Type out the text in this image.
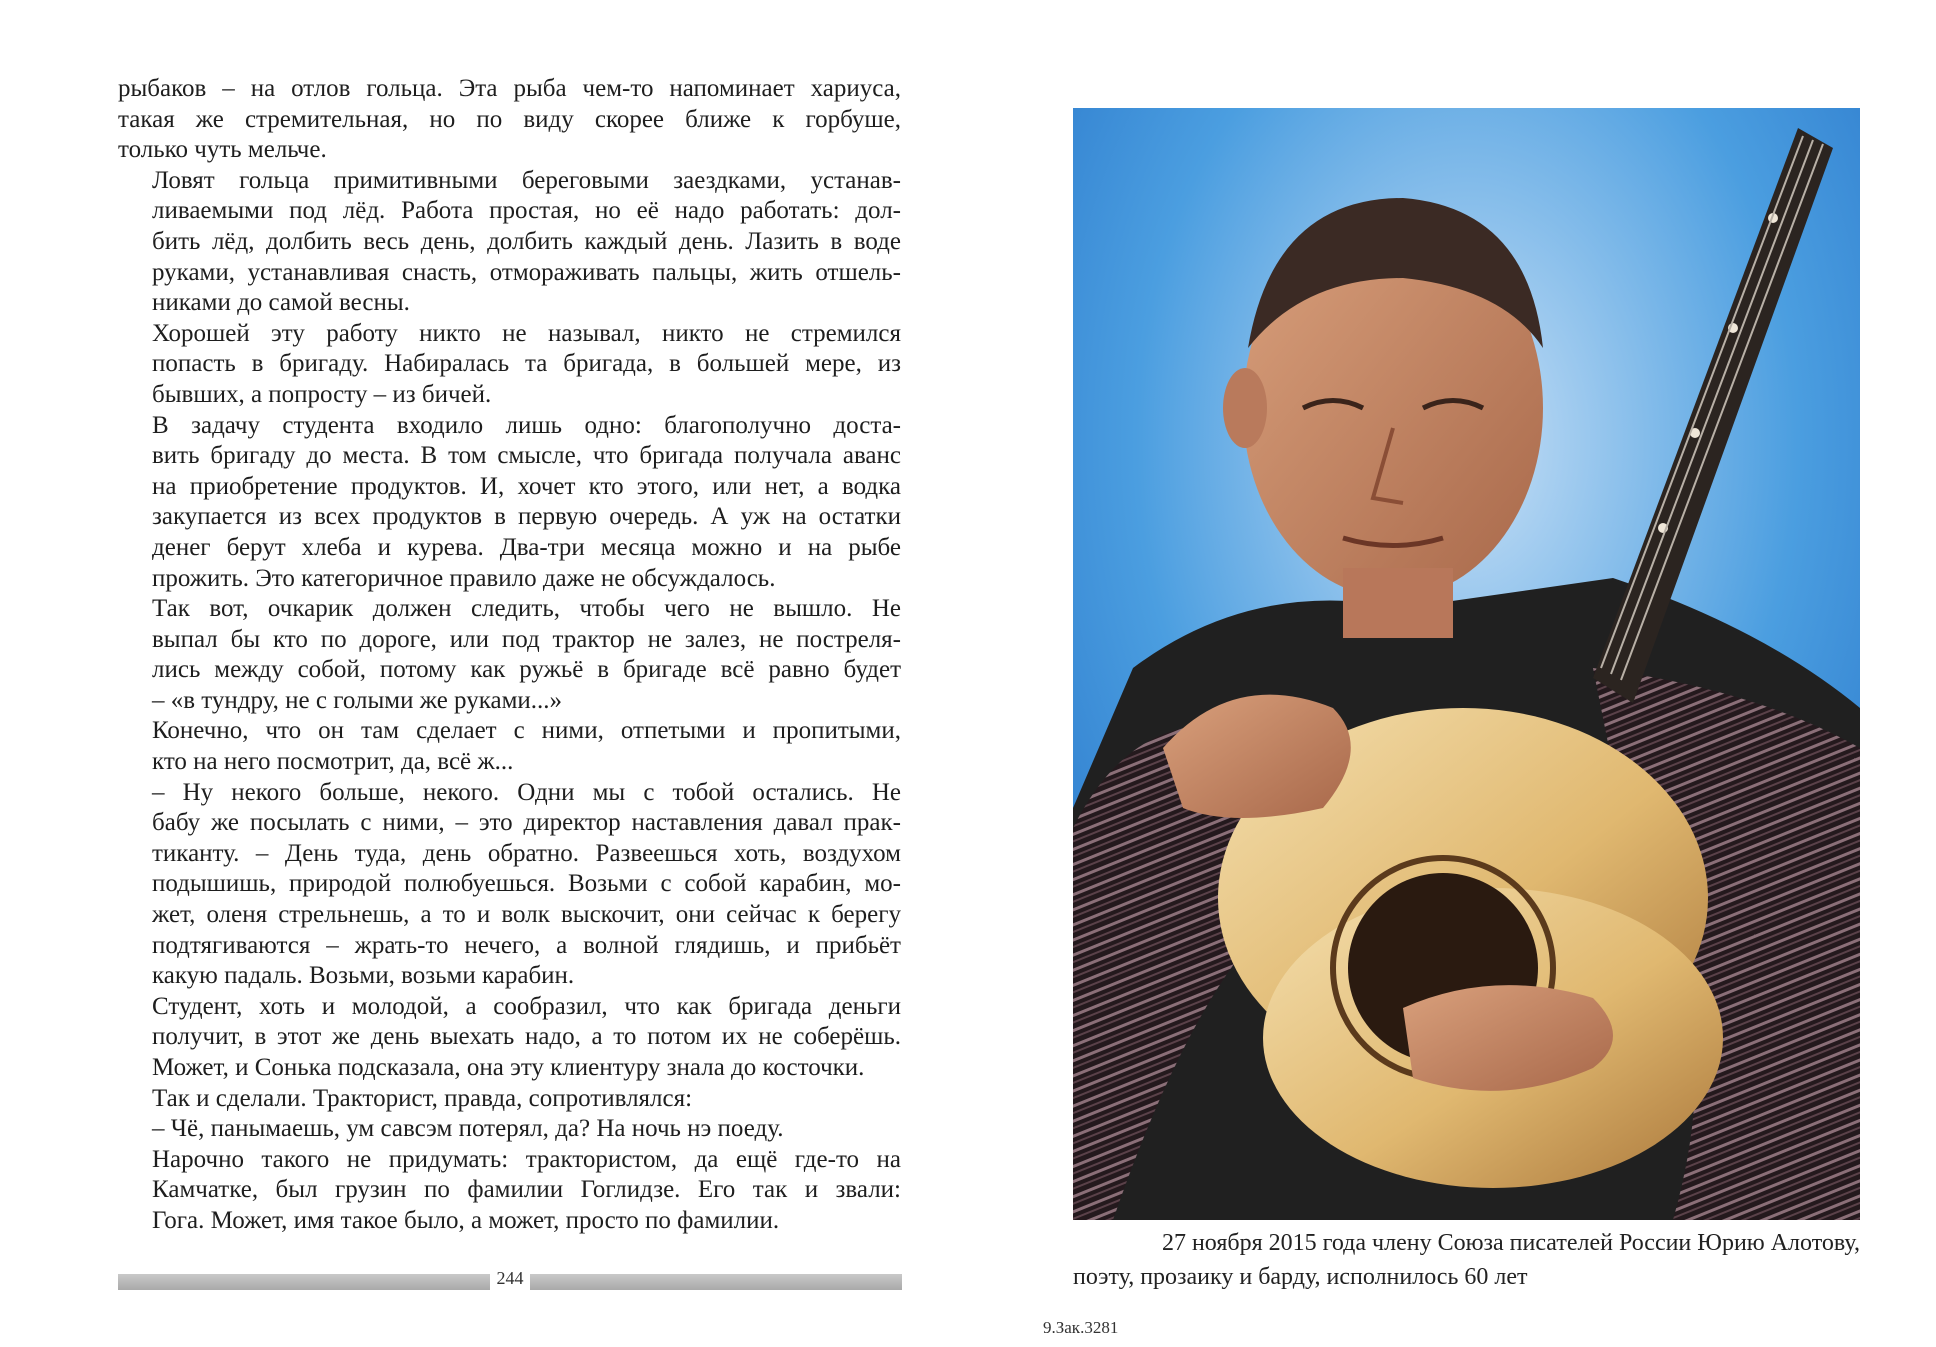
рыбаков – на отлов гольца. Эта рыба чем-то напоминает хариуса,
такая же стремительная, но по виду скорее ближе к горбуше,
только чуть мельче.

Ловят гольца примитивными береговыми заездками, устанав-
ливаемыми под лёд. Работа простая, но её надо работать: дол-
бить лёд, долбить весь день, долбить каждый день. Лазить в воде
руками, устанавливая снасть, отмораживать пальцы, жить отшель-
никами до самой весны.

Хорошей эту работу никто не называл, никто не стремился
попасть в бригаду. Набиралась та бригада, в большей мере, из
бывших, а попросту – из бичей.

В задачу студента входило лишь одно: благополучно доста-
вить бригаду до места. В том смысле, что бригада получала аванс
на приобретение продуктов. И, хочет кто этого, или нет, а водка
закупается из всех продуктов в первую очередь. А уж на остатки
денег берут хлеба и курева. Два-три месяца можно и на рыбе
прожить. Это категоричное правило даже не обсуждалось.

Так вот, очкарик должен следить, чтобы чего не вышло. Не
выпал бы кто по дороге, или под трактор не залез, не постреля-
лись между собой, потому как ружьё в бригаде всё равно будет
– «в тундру, не с голыми же руками...»

Конечно, что он там сделает с ними, отпетыми и пропитыми,
кто на него посмотрит, да, всё ж...

– Ну некого больше, некого. Одни мы с тобой остались. Не
бабу же посылать с ними, – это директор наставления давал прак-
тиканту. – День туда, день обратно. Развеешься хоть, воздухом
подышишь, природой полюбуешься. Возьми с собой карабин, мо-
жет, оленя стрельнешь, а то и волк выскочит, они сейчас к берегу
подтягиваются – жрать-то нечего, а волной глядишь, и прибьёт
какую падаль. Возьми, возьми карабин.

Студент, хоть и молодой, а сообразил, что как бригада деньги
получит, в этот же день выехать надо, а то потом их не соберёшь.
Может, и Сонька подсказала, она эту клиентуру знала до косточки.

Так и сделали. Тракторист, правда, сопротивлялся:

– Чё, панымаешь, ум савсэм потерял, да? На ночь нэ поеду.

Нарочно такого не придумать: трактористом, да ещё где-то на
Камчатке, был грузин по фамилии Гоглидзе. Его так и звали:
Гога. Может, имя такое было, а может, просто по фамилии.

244
27 ноября 2015 года члену Союза писателей России Юрию Алотову,
поэту, прозаику и барду, исполнилось 60 лет
9.Зак.3281
